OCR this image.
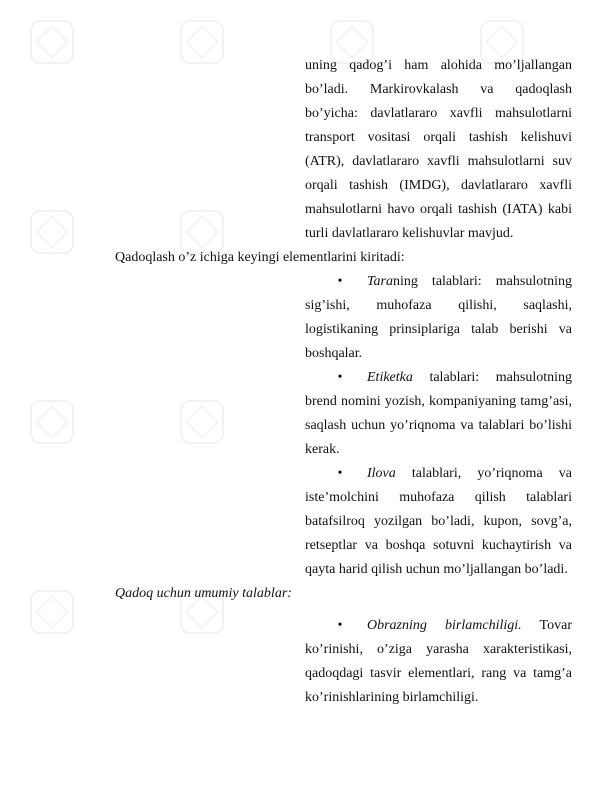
uning qadog’i ham alohida mo’ljallangan bo’ladi. Markirovkalash va qadoqlash bo’yicha: davlatlararo xavfli mahsulotlarni transport vositasi orqali tashish kelishuvi (ATR), davlatlararo xavfli mahsulotlarni suv orqali tashish (IMDG), davlatlararo xavfli mahsulotlarni havo orqali tashish (IATA) kabi turli davlatlararo kelishuvlar mavjud.
Qadoqlash o’z ichiga keyingi elementlarini kiritadi:
•	Taraning talablari: mahsulotning sig’ishi, muhofaza qilishi, saqlashi, logistikaning prinsiplariga talab berishi va boshqalar.
•	Etiketka talablari: mahsulotning brend nomini yozish, kompaniyaning tamg’asi, saqlash uchun yo’riqnoma va talablari bo’lishi kerak.
•	Ilova talablari, yo’riqnoma va iste’molchini muhofaza qilish talablari batafsilroq yozilgan bo’ladi, kupon, sovg’a, retseptlar va boshqa sotuvni kuchaytirish va qayta harid qilish uchun mo’ljallangan bo’ladi.
Qadoq uchun umumiy talablar:
•	Obrazning birlamchiligi. Tovar ko’rinishi, o’ziga yarasha xarakteristikasi, qadoqdagi tasvir elementlari, rang va tamg’a ko’rinishlarining birlamchiligi.
